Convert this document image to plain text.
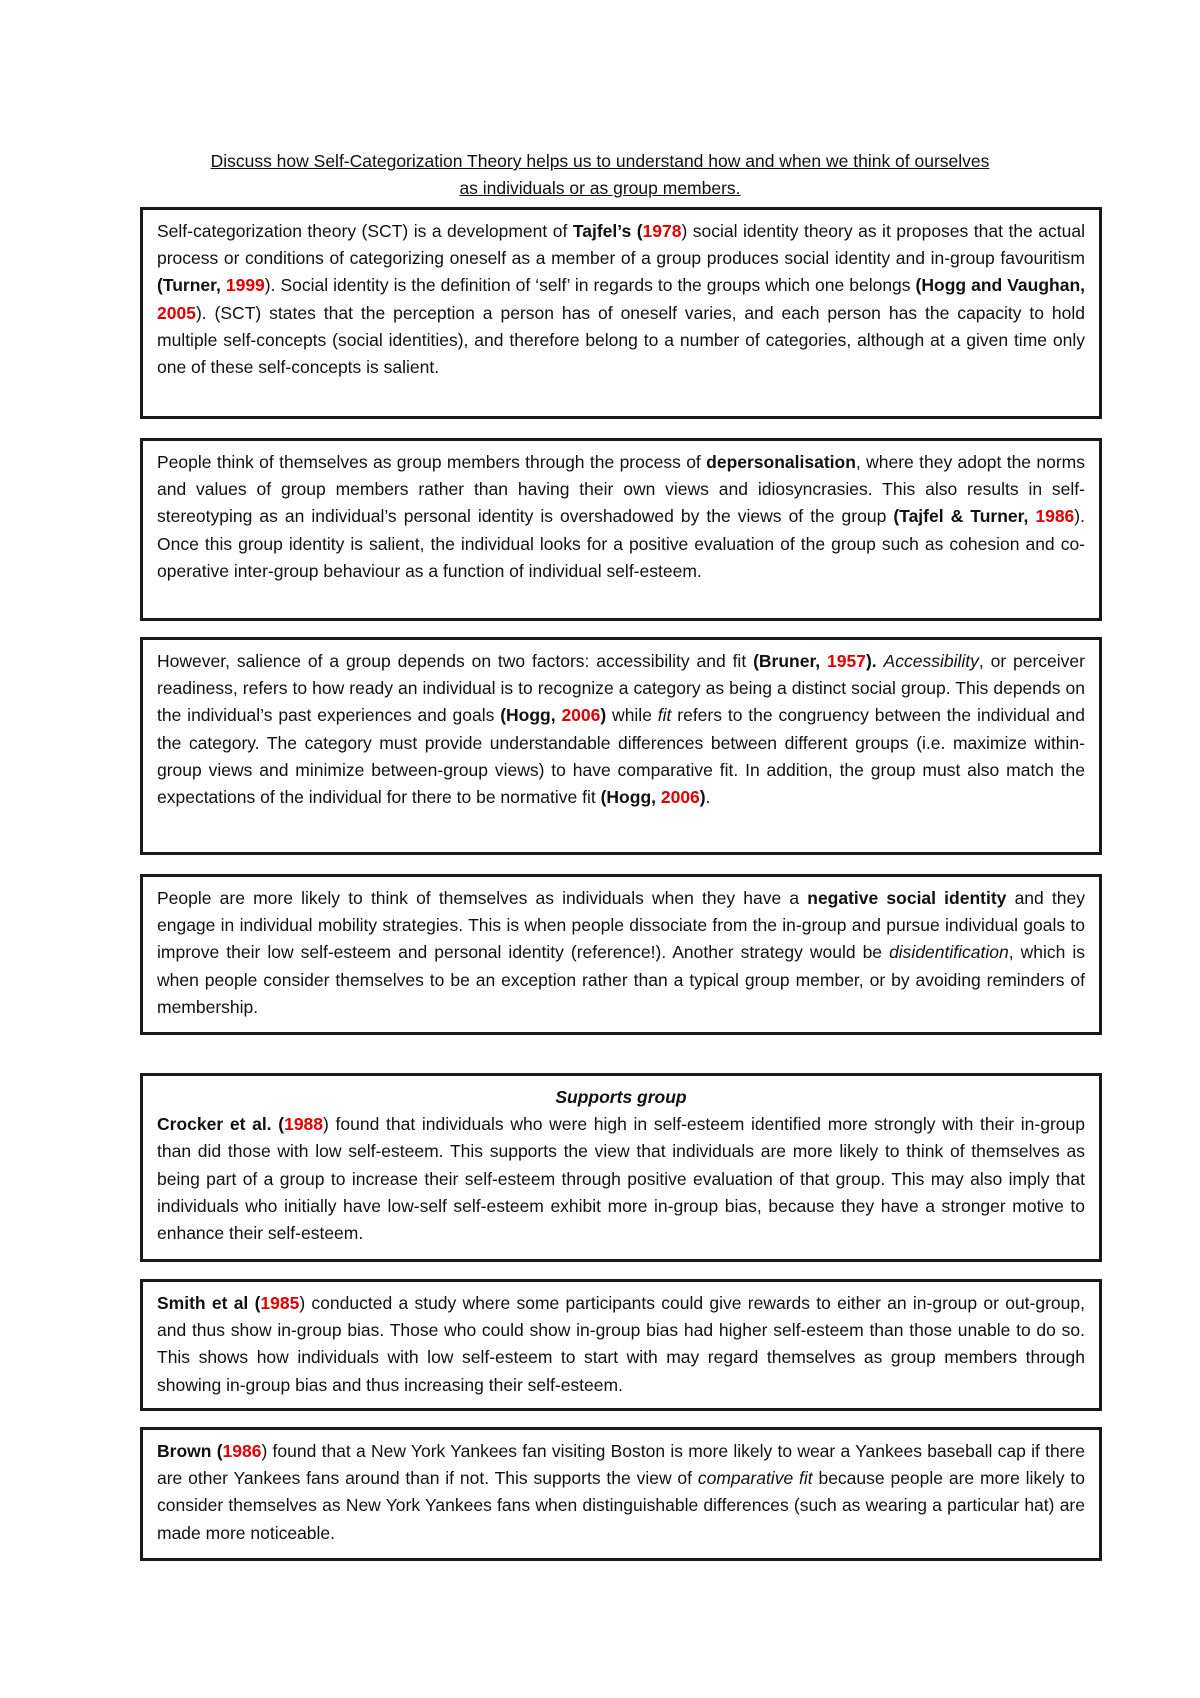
Discuss how Self-Categorization Theory helps us to understand how and when we think of ourselves
as individuals or as group members.

Self-categorization theory (SCT) is a development of Tajfel’s (1978) social identity theory as it proposes that the actual process or conditions of categorizing oneself as a member of a group produces social identity and in-group favouritism (Turner, 1999). Social identity is the definition of ‘self’ in regards to the groups which one belongs (Hogg and Vaughan, 2005). (SCT) states that the perception a person has of oneself varies, and each person has the capacity to hold multiple self-concepts (social identities), and therefore belong to a number of categories, although at a given time only one of these self-concepts is salient.

People think of themselves as group members through the process of depersonalisation, where they adopt the norms and values of group members rather than having their own views and idiosyncrasies. This also results in self-stereotyping as an individual’s personal identity is overshadowed by the views of the group (Tajfel & Turner, 1986). Once this group identity is salient, the individual looks for a positive evaluation of the group such as cohesion and co-operative inter-group behaviour as a function of individual self-esteem.

However, salience of a group depends on two factors: accessibility and fit (Bruner, 1957). Accessibility, or perceiver readiness, refers to how ready an individual is to recognize a category as being a distinct social group. This depends on the individual’s past experiences and goals (Hogg, 2006) while fit refers to the congruency between the individual and the category. The category must provide understandable differences between different groups (i.e. maximize within-group views and minimize between-group views) to have comparative fit. In addition, the group must also match the expectations of the individual for there to be normative fit (Hogg, 2006).

People are more likely to think of themselves as individuals when they have a negative social identity and they engage in individual mobility strategies. This is when people dissociate from the in-group and pursue individual goals to improve their low self-esteem and personal identity (reference!). Another strategy would be disidentification, which is when people consider themselves to be an exception rather than a typical group member, or by avoiding reminders of membership.

Supports group

Crocker et al. (1988) found that individuals who were high in self-esteem identified more strongly with their in-group than did those with low self-esteem. This supports the view that individuals are more likely to think of themselves as being part of a group to increase their self-esteem through positive evaluation of that group. This may also imply that individuals who initially have low-self self-esteem exhibit more in-group bias, because they have a stronger motive to enhance their self-esteem.

Smith et al (1985) conducted a study where some participants could give rewards to either an in-group or out-group, and thus show in-group bias. Those who could show in-group bias had higher self-esteem than those unable to do so. This shows how individuals with low self-esteem to start with may regard themselves as group members through showing in-group bias and thus increasing their self-esteem.

Brown (1986) found that a New York Yankees fan visiting Boston is more likely to wear a Yankees baseball cap if there are other Yankees fans around than if not. This supports the view of comparative fit because people are more likely to consider themselves as New York Yankees fans when distinguishable differences (such as wearing a particular hat) are made more noticeable.
